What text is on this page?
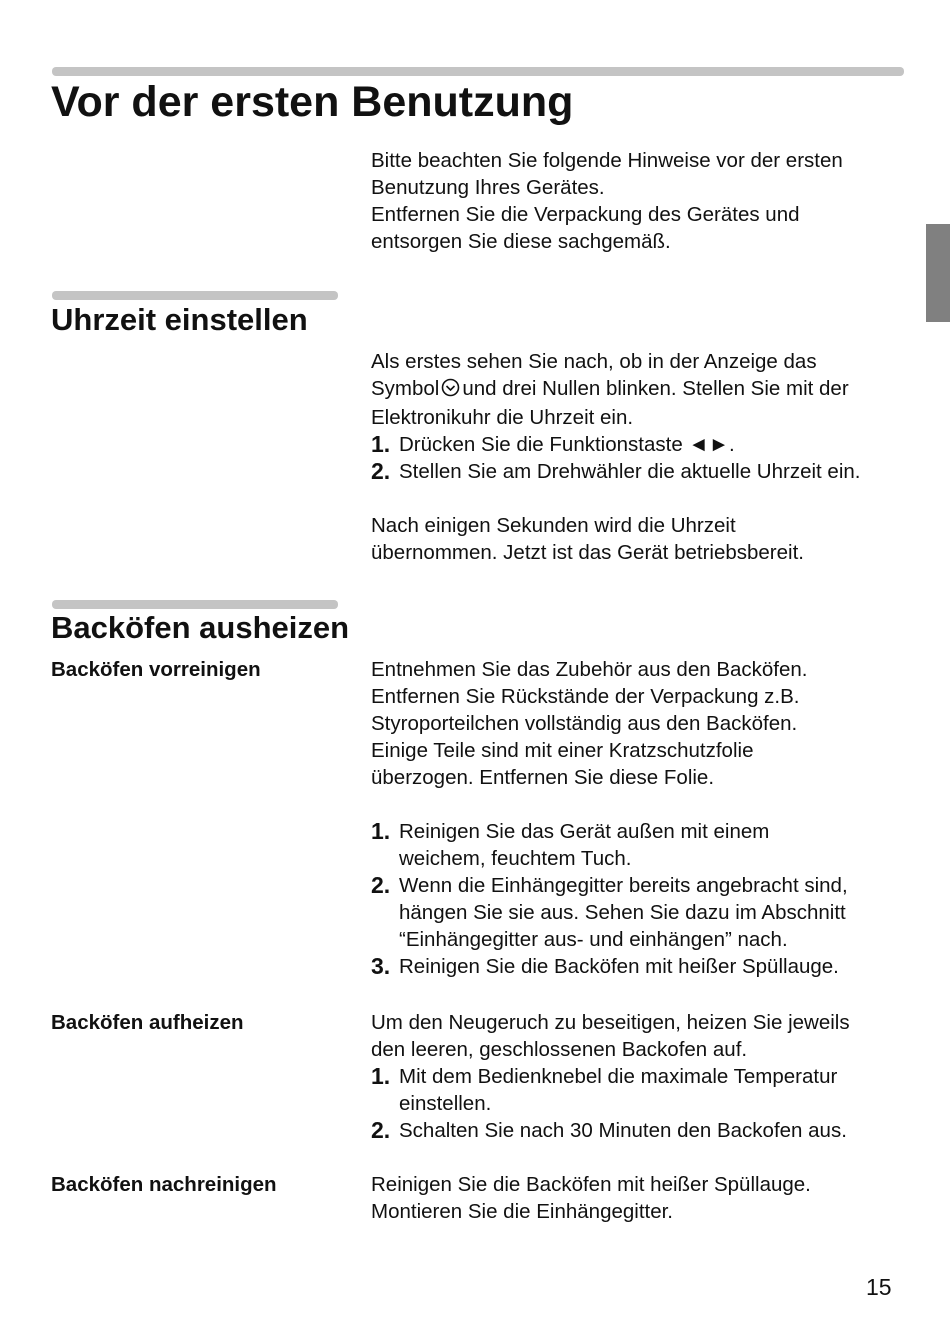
Vor der ersten Benutzung

Bitte beachten Sie folgende Hinweise vor der ersten

Benutzung Ihres Gerätes.

Entfernen Sie die Verpackung des Gerätes und

entsorgen Sie diese sachgemäß.

Uhrzeit einstellen

Als erstes sehen Sie nach, ob in der Anzeige das

Symbol und drei Nullen blinken. Stellen Sie mit der

Elektronikuhr die Uhrzeit ein.

1. Drücken Sie die Funktionstaste ◄►.
2. Stellen Sie am Drehwähler die aktuelle Uhrzeit ein.

Nach einigen Sekunden wird die Uhrzeit

übernommen. Jetzt ist das Gerät betriebsbereit.

Backöfen ausheizen
Backöfen vorreinigen	Entnehmen Sie das Zubehör aus den Backöfen.

Entfernen Sie Rückstände der Verpackung z.B.

Styroporteilchen vollständig aus den Backöfen.

Einige Teile sind mit einer Kratzschutzfolie

überzogen. Entfernen Sie diese Folie.

1. Reinigen Sie das Gerät außen mit einem
weichem, feuchtem Tuch.
2. Wenn die Einhängegitter bereits angebracht sind,
hängen Sie sie aus. Sehen Sie dazu im Abschnitt
“Einhängegitter aus- und einhängen” nach.
3. Reinigen Sie die Backöfen mit heißer Spüllauge.
Backöfen aufheizen	Um den Neugeruch zu beseitigen, heizen Sie jeweils

den leeren, geschlossenen Backofen auf.

1. Mit dem Bedienknebel die maximale Temperatur
einstellen.
2. Schalten Sie nach 30 Minuten den Backofen aus.
Backöfen nachreinigen	Reinigen Sie die Backöfen mit heißer Spüllauge.

Montieren Sie die Einhängegitter.

15
